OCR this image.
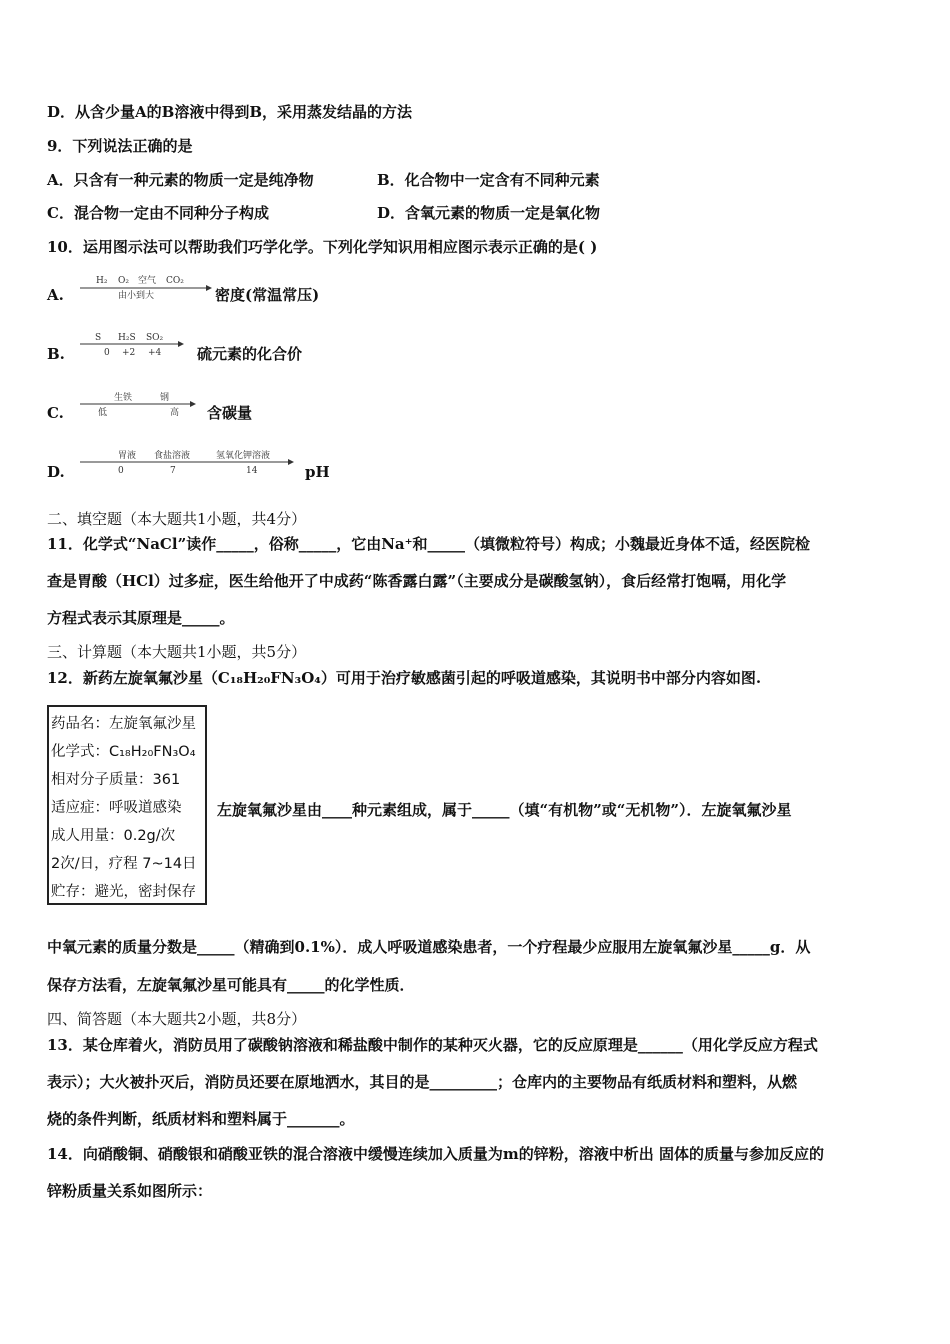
D．从含少量A的B溶液中得到B，采用蒸发结晶的方法
9．下列说法正确的是
A．只含有一种元素的物质一定是纯净物	B．化合物中一定含有不同种元素
C．混合物一定由不同种分子构成	D．含氧元素的物质一定是氧化物
10．运用图示法可以帮助我们巧学化学。下列化学知识用相应图示表示正确的是( )
A.
H₂ O₂ 空气 CO₂
由小到大	密度(常温常压)
B.
S H₂S SO₂
0 +2 +4 硫元素的化合价
C.
生铁	钢
低	高 含碳量
D.
胃液 食盐溶液	氢氧化钾溶液
0	7	14	pH
二、填空题（本大题共1小题，共4分）
11．化学式“NaCl”读作_____，俗称_____，它由Na⁺和_____（填微粒符号）构成；小魏最近身体不适，经医院检
查是胃酸（HCl）过多症，医生给他开了中成药“陈香露白露”（主要成分是碳酸氢钠），食后经常打饱嗝，用化学
方程式表示其原理是_____。
三、计算题（本大题共1小题，共5分）
12．新药左旋氧氟沙星（C₁₈H₂₀FN₃O₄）可用于治疗敏感菌引起的呼吸道感染，其说明书中部分内容如图.
药品名：左旋氧氟沙星
化学式：C₁₈H₂₀FN₃O₄
相对分子质量：361
适应症：呼吸道感染
成人用量：0.2g/次
2次/日，疗程 7~14日
贮存：避光，密封保存
左旋氧氟沙星由____种元素组成，属于_____（填“有机物”或“无机物”）．左旋氧氟沙星
中氧元素的质量分数是_____（精确到0.1%）．成人呼吸道感染患者，一个疗程最少应服用左旋氧氟沙星_____g．从
保存方法看，左旋氧氟沙星可能具有_____的化学性质．
四、简答题（本大题共2小题，共8分）
13．某仓库着火，消防员用了碳酸钠溶液和稀盐酸中制作的某种灭火器，它的反应原理是______（用化学反应方程式
表示）；大火被扑灭后，消防员还要在原地洒水，其目的是_________；仓库内的主要物品有纸质材料和塑料，从燃
烧的条件判断，纸质材料和塑料属于_______。
14．向硝酸铜、硝酸银和硝酸亚铁的混合溶液中缓慢连续加入质量为m的锌粉，溶液中析出 固体的质量与参加反应的
锌粉质量关系如图所示：
